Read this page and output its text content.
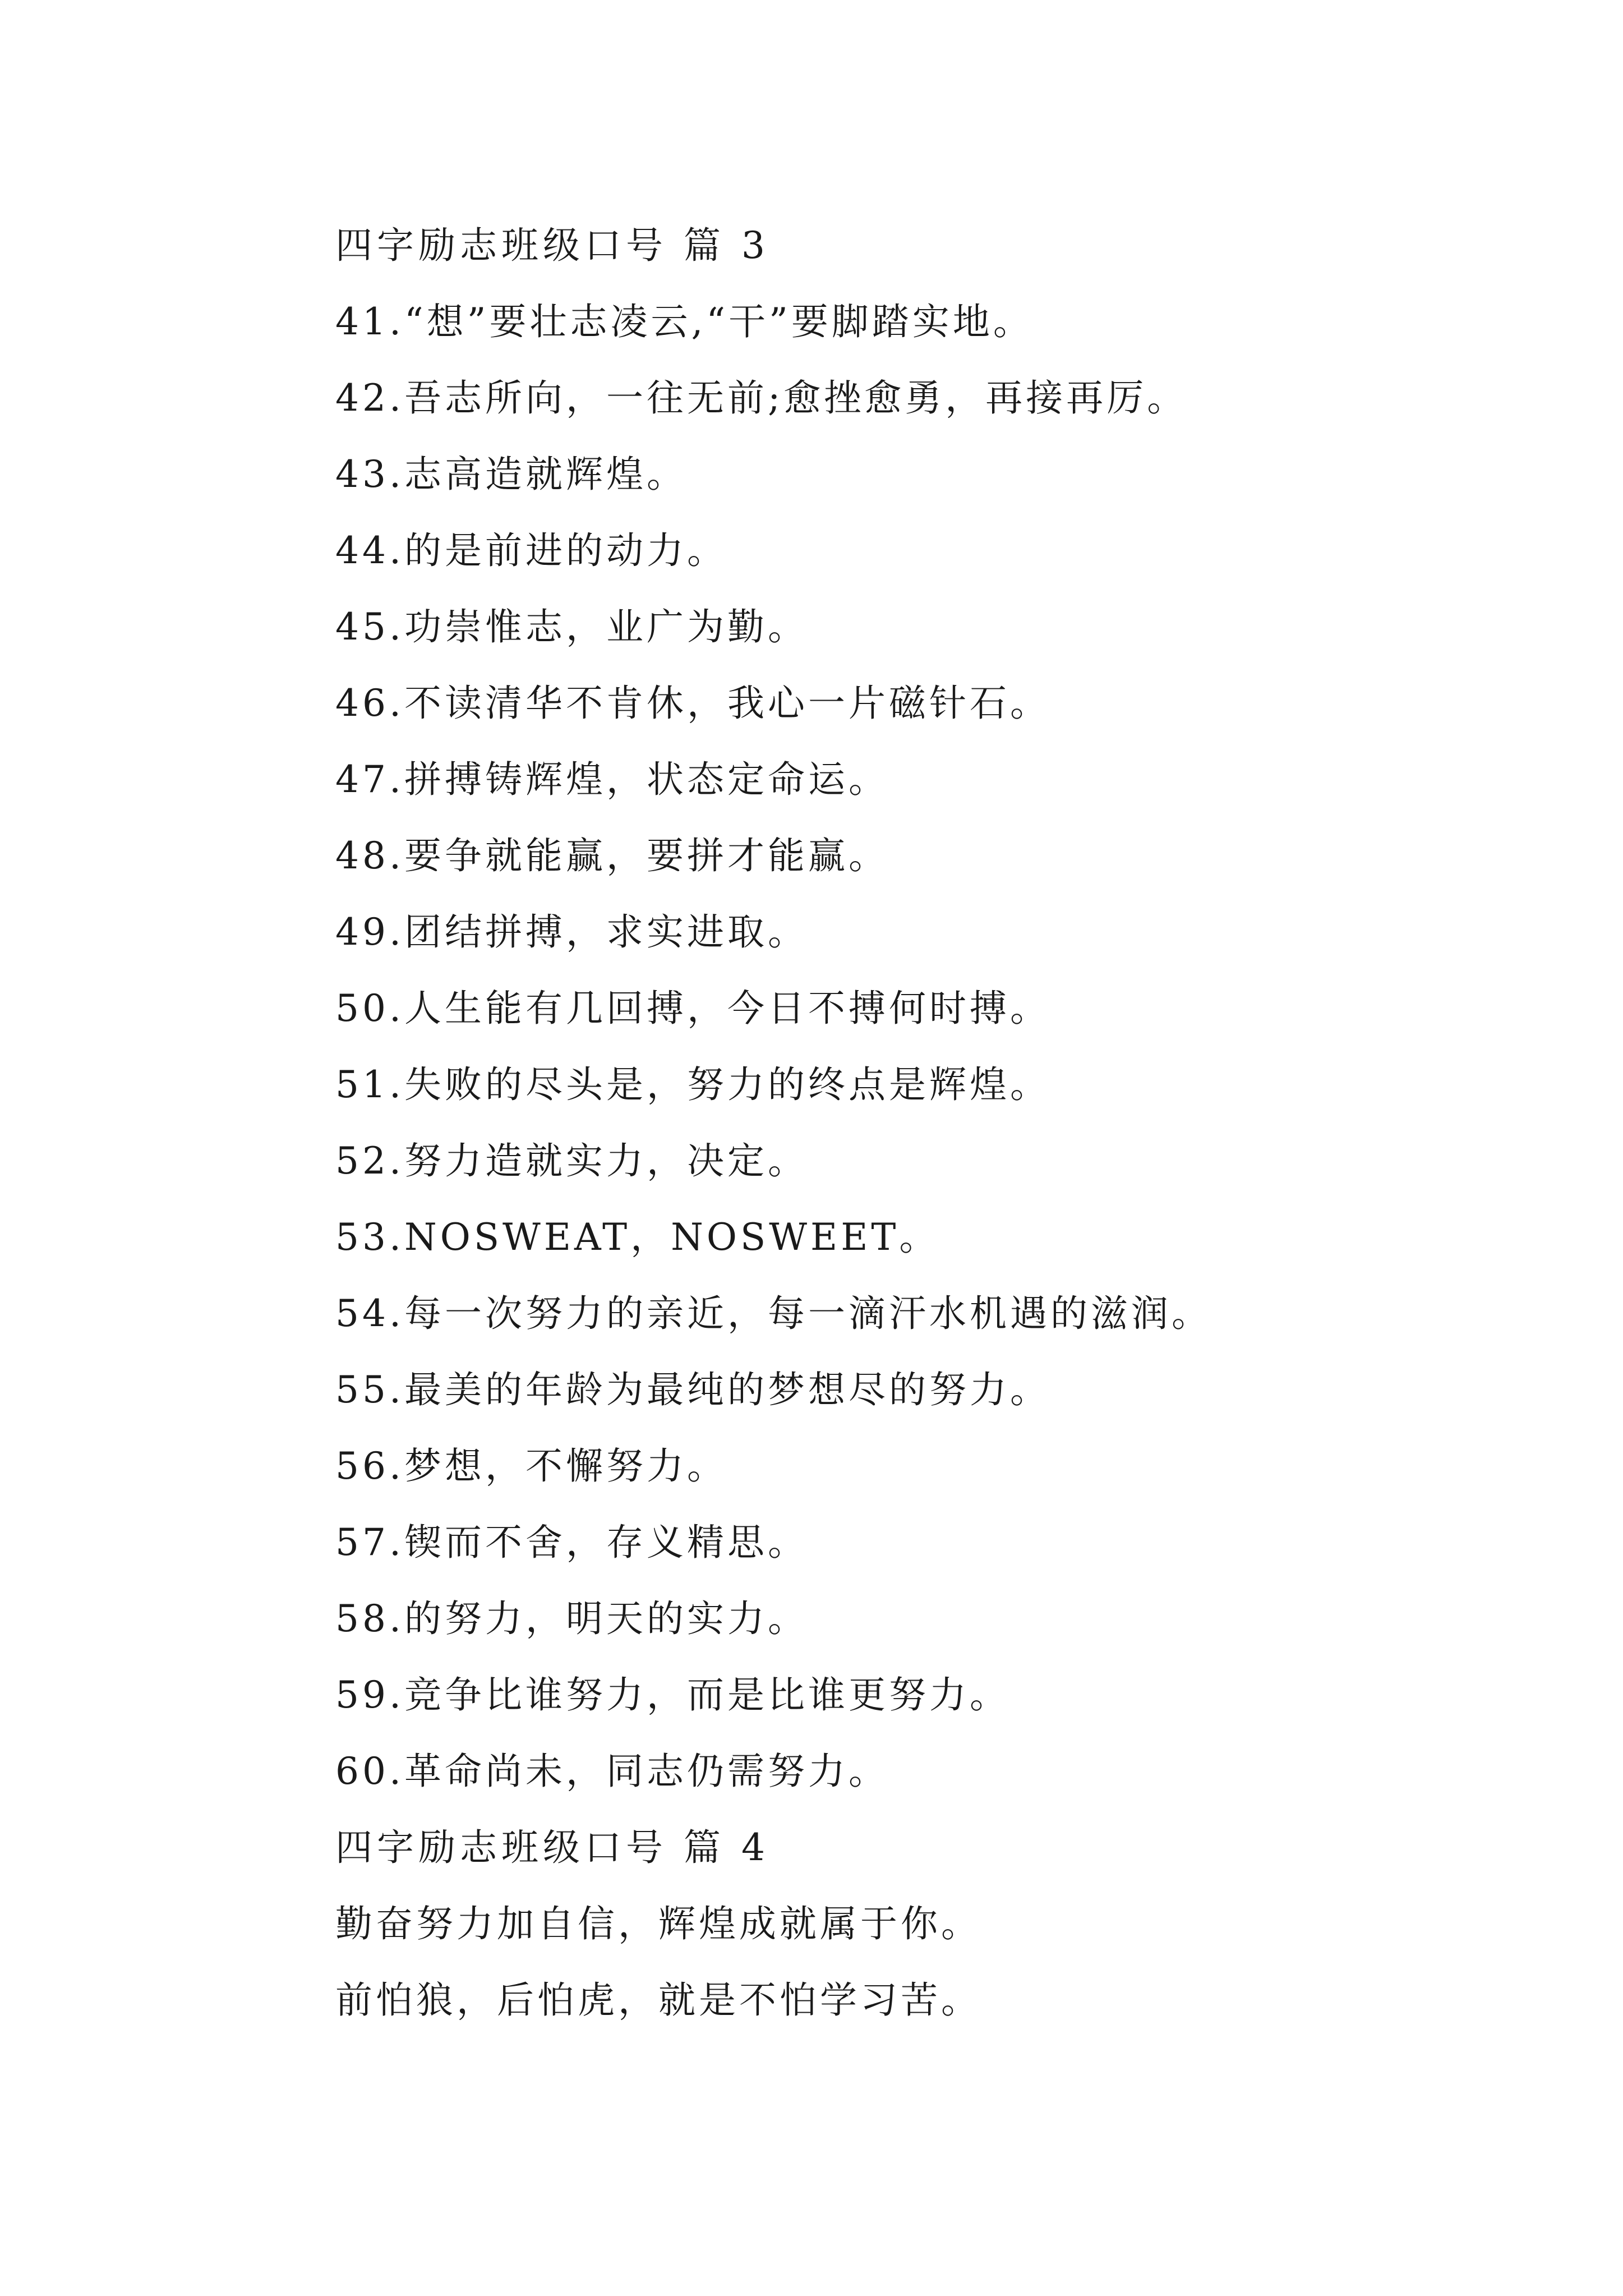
四字励志班级口号 篇 3
41.“想”要壮志凌云,“干”要脚踏实地。
42.吾志所向，一往无前;愈挫愈勇，再接再厉。
43.志高造就辉煌。
44.的是前进的动力。
45.功崇惟志，业广为勤。
46.不读清华不肯休，我心一片磁针石。
47.拼搏铸辉煌，状态定命运。
48.要争就能赢，要拼才能赢。
49.团结拼搏，求实进取。
50.人生能有几回搏，今日不搏何时搏。
51.失败的尽头是，努力的终点是辉煌。
52.努力造就实力，决定。
53.NOSWEAT，NOSWEET。
54.每一次努力的亲近，每一滴汗水机遇的滋润。
55.最美的年龄为最纯的梦想尽的努力。
56.梦想，不懈努力。
57.锲而不舍，存义精思。
58.的努力，明天的实力。
59.竞争比谁努力，而是比谁更努力。
60.革命尚未，同志仍需努力。
四字励志班级口号 篇 4
勤奋努力加自信，辉煌成就属于你。
前怕狼，后怕虎，就是不怕学习苦。
